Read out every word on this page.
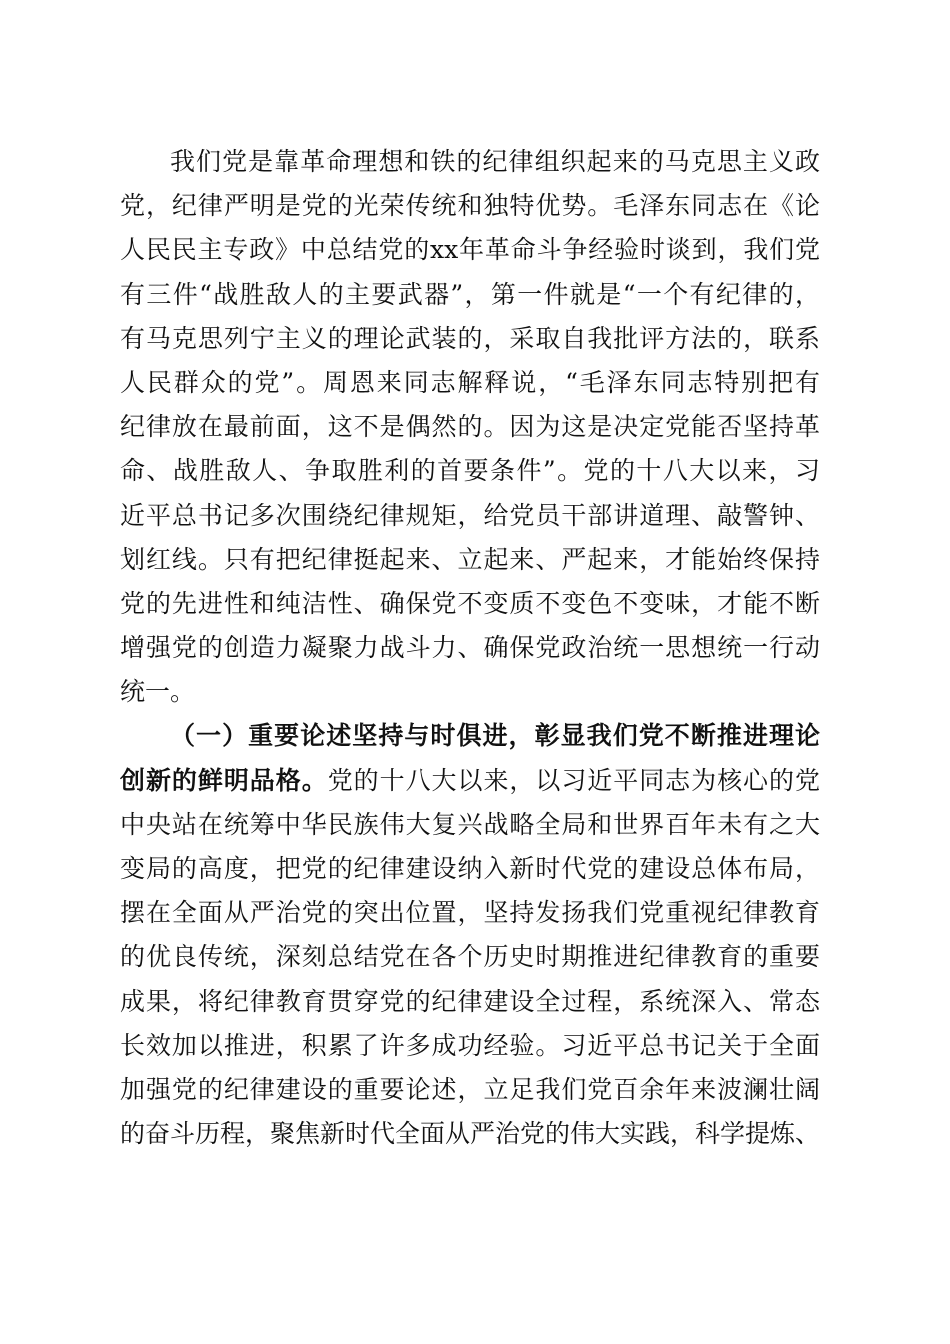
我们党是靠革命理想和铁的纪律组织起来的马克思主义政
党，纪律严明是党的光荣传统和独特优势。毛泽东同志在《论
人民民主专政》中总结党的xx年革命斗争经验时谈到，我们党
有三件“战胜敌人的主要武器”，第一件就是“一个有纪律的，
有马克思列宁主义的理论武装的，采取自我批评方法的，联系
人民群众的党”。周恩来同志解释说，“毛泽东同志特别把有
纪律放在最前面，这不是偶然的。因为这是决定党能否坚持革
命、战胜敌人、争取胜利的首要条件”。党的十八大以来，习
近平总书记多次围绕纪律规矩，给党员干部讲道理、敲警钟、
划红线。只有把纪律挺起来、立起来、严起来，才能始终保持
党的先进性和纯洁性、确保党不变质不变色不变味，才能不断
增强党的创造力凝聚力战斗力、确保党政治统一思想统一行动
统一。
（一）重要论述坚持与时俱进，彰显我们党不断推进理论
创新的鲜明品格。党的十八大以来，以习近平同志为核心的党
中央站在统筹中华民族伟大复兴战略全局和世界百年未有之大
变局的高度，把党的纪律建设纳入新时代党的建设总体布局，
摆在全面从严治党的突出位置，坚持发扬我们党重视纪律教育
的优良传统，深刻总结党在各个历史时期推进纪律教育的重要
成果，将纪律教育贯穿党的纪律建设全过程，系统深入、常态
长效加以推进，积累了许多成功经验。习近平总书记关于全面
加强党的纪律建设的重要论述，立足我们党百余年来波澜壮阔
的奋斗历程，聚焦新时代全面从严治党的伟大实践，科学提炼、
